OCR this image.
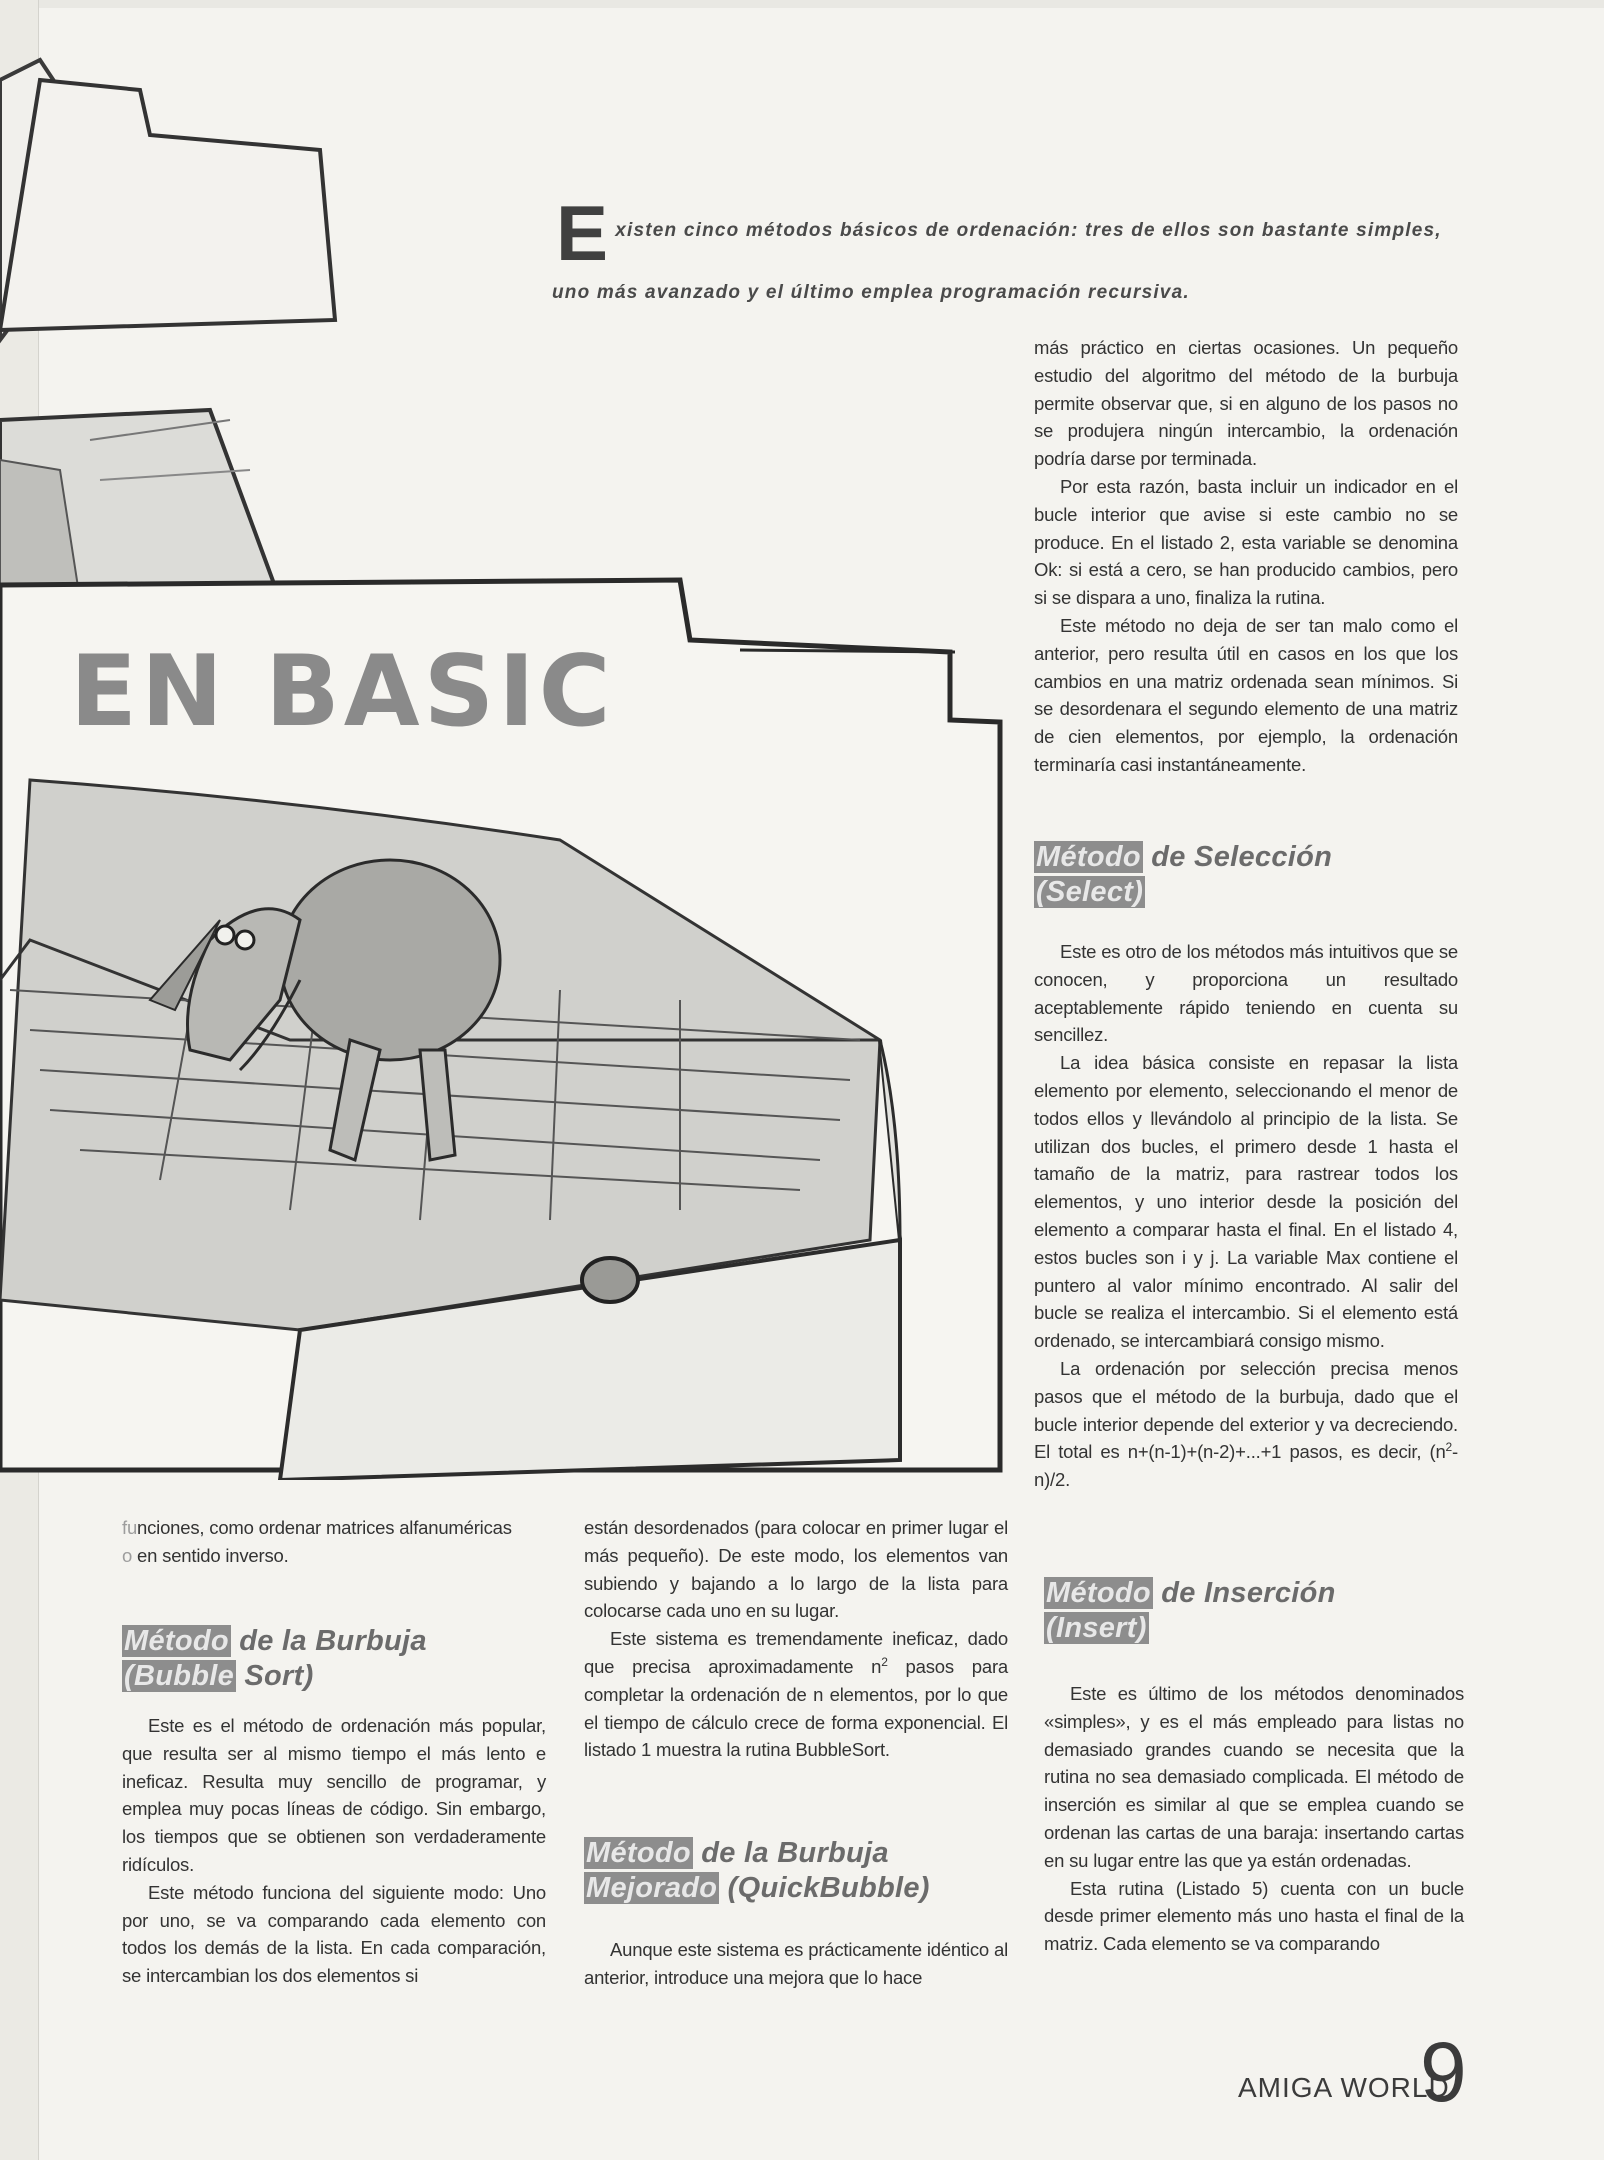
EN BASIC

Existen cinco métodos básicos de ordenación: tres de ellos son bastante simples, uno más avanzado y el último emplea programación recursiva.

funciones, como ordenar matrices alfanuméricas
o en sentido inverso.

Método de la Burbuja
(Bubble Sort)

Este es el método de ordenación más popular, que resulta ser al mismo tiempo el más lento e ineficaz. Resulta muy sencillo de programar, y emplea muy pocas líneas de código. Sin embargo, los tiempos que se obtienen son verdaderamente ridículos.

Este método funciona del siguiente modo: Uno por uno, se va comparando cada elemento con todos los demás de la lista. En cada comparación, se intercambian los dos elementos si

están desordenados (para colocar en primer lugar el más pequeño). De este modo, los elementos van subiendo y bajando a lo largo de la lista para colocarse cada uno en su lugar.

Este sistema es tremendamente ineficaz, dado que precisa aproximadamente $n^2$ pasos para completar la ordenación de n elementos, por lo que el tiempo de cálculo crece de forma exponencial. El listado 1 muestra la rutina BubbleSort.

Método de la Burbuja
Mejorado (QuickBubble)

Aunque este sistema es prácticamente idéntico al anterior, introduce una mejora que lo hace

más práctico en ciertas ocasiones. Un pequeño estudio del algoritmo del método de la burbuja permite observar que, si en alguno de los pasos no se produjera ningún intercambio, la ordenación podría darse por terminada.

Por esta razón, basta incluir un indicador en el bucle interior que avise si este cambio no se produce. En el listado 2, esta variable se denomina Ok: si está a cero, se han producido cambios, pero si se dispara a uno, finaliza la rutina.

Este método no deja de ser tan malo como el anterior, pero resulta útil en casos en los que los cambios en una matriz ordenada sean mínimos. Si se desordenara el segundo elemento de una matriz de cien elementos, por ejemplo, la ordenación terminaría casi instantáneamente.

Método de Selección
(Select)

Este es otro de los métodos más intuitivos que se conocen, y proporciona un resultado aceptablemente rápido teniendo en cuenta su sencillez.

La idea básica consiste en repasar la lista elemento por elemento, seleccionando el menor de todos ellos y llevándolo al principio de la lista. Se utilizan dos bucles, el primero desde 1 hasta el tamaño de la matriz, para rastrear todos los elementos, y uno interior desde la posición del elemento a comparar hasta el final. En el listado 4, estos bucles son i y j. La variable Max contiene el puntero al valor mínimo encontrado. Al salir del bucle se realiza el intercambio. Si el elemento está ordenado, se intercambiará consigo mismo.

La ordenación por selección precisa menos pasos que el método de la burbuja, dado que el bucle interior depende del exterior y va decreciendo. El total es n+(n-1)+(n-2)+...+1 pasos, es decir, $(n^2-n)/2$.

Método de Inserción
(Insert)

Este es último de los métodos denominados «simples», y es el más empleado para listas no demasiado grandes cuando se necesita que la rutina no sea demasiado complicada. El método de inserción es similar al que se emplea cuando se ordenan las cartas de una baraja: insertando cartas en su lugar entre las que ya están ordenadas.

Esta rutina (Listado 5) cuenta con un bucle desde primer elemento más uno hasta el final de la matriz. Cada elemento se va comparando

AMIGA WORLD

9
